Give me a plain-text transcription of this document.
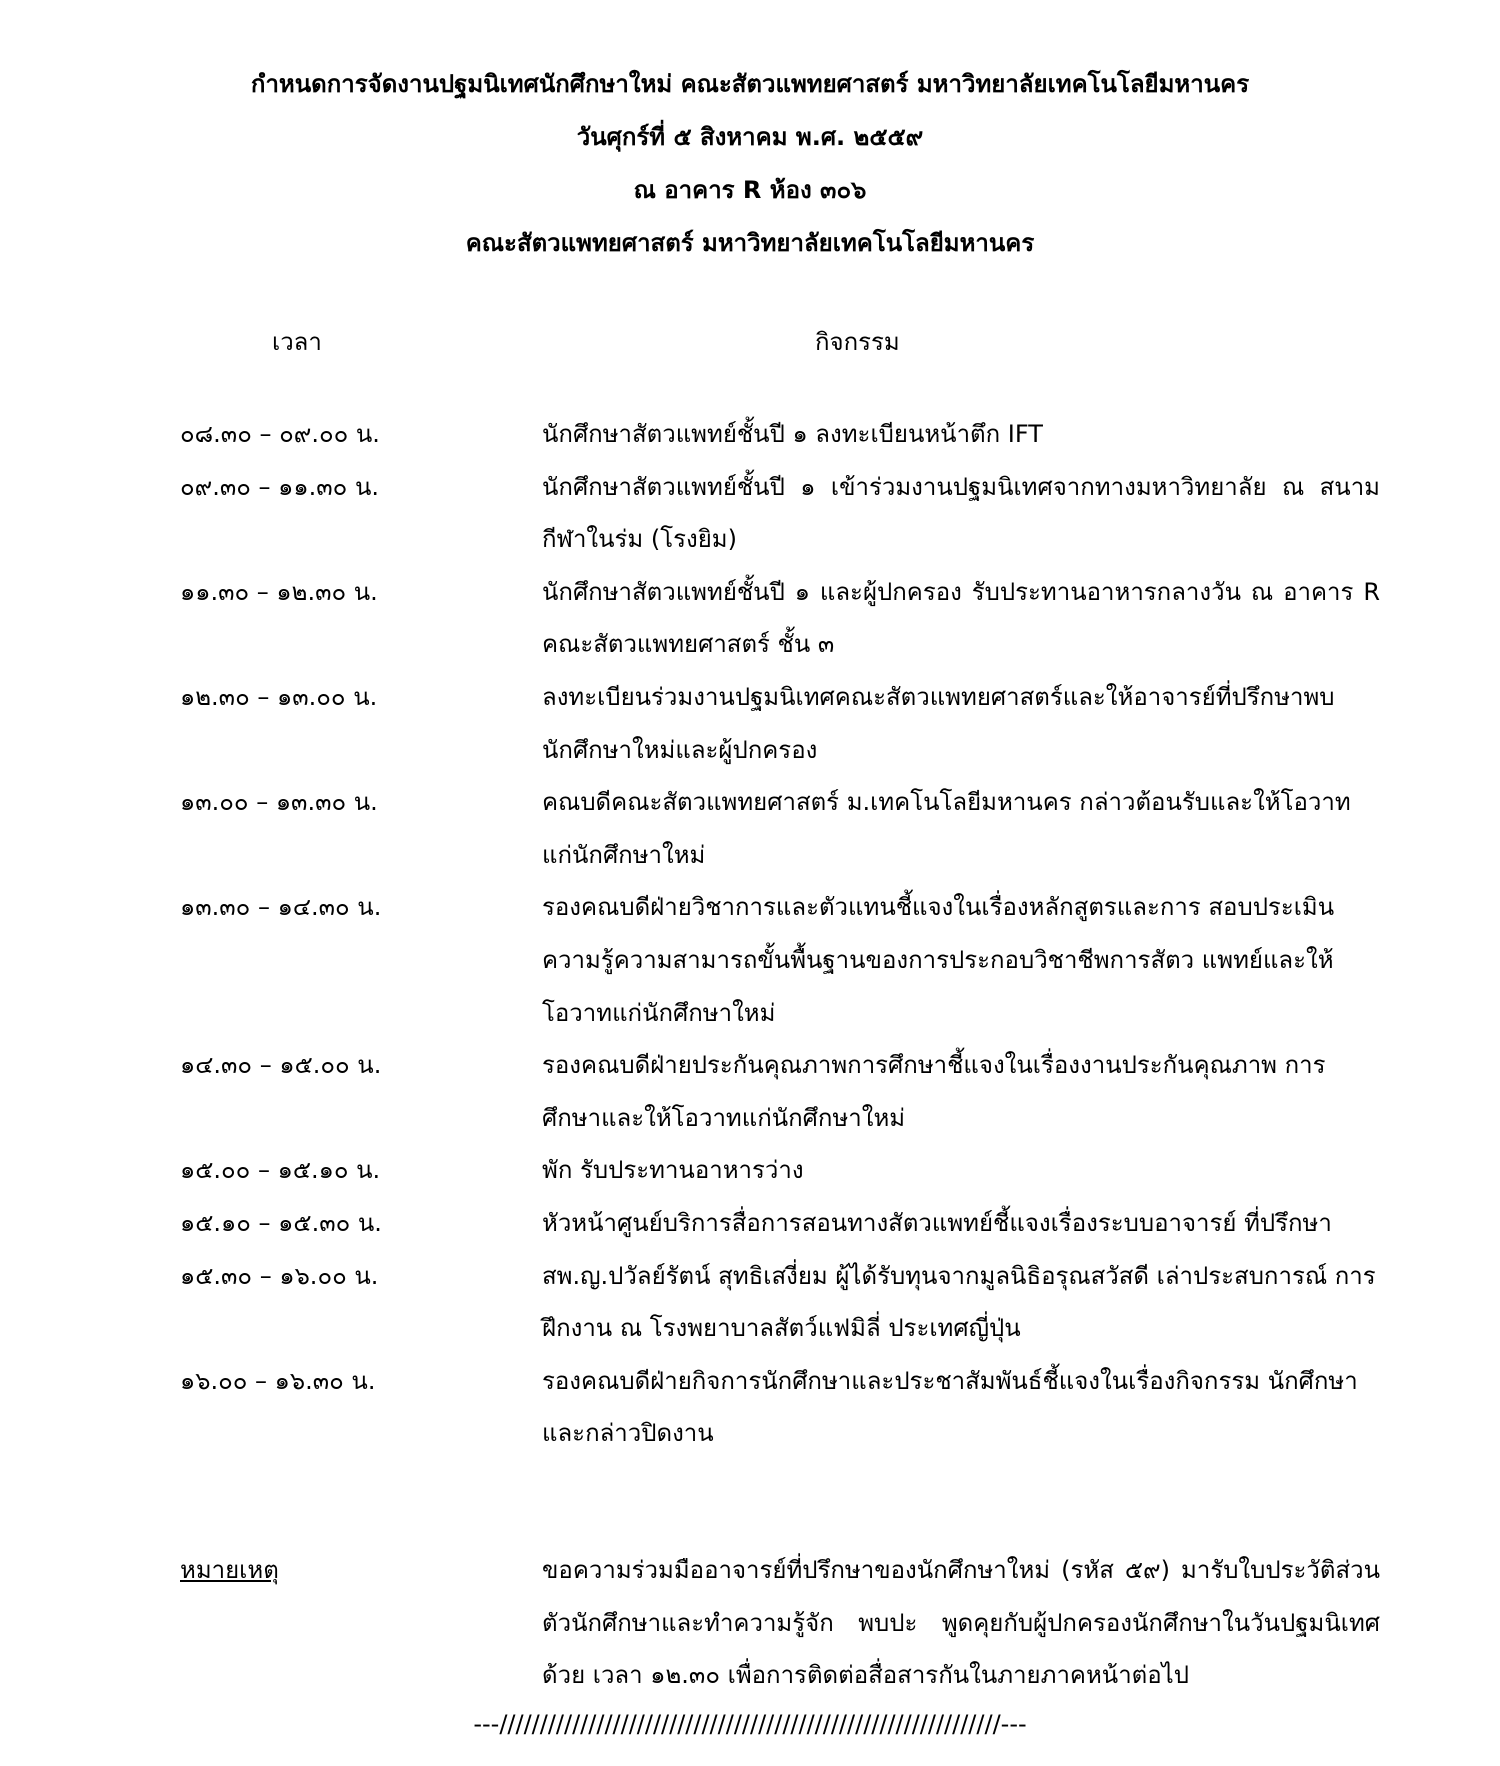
กำหนดการจัดงานปฐมนิเทศนักศึกษาใหม่ คณะสัตวแพทยศาสตร์ มหาวิทยาลัยเทคโนโลยีมหานคร
วันศุกร์ที่ ๕ สิงหาคม พ.ศ. ๒๕๕๙
ณ อาคาร R ห้อง ๓๐๖
คณะสัตวแพทยศาสตร์ มหาวิทยาลัยเทคโนโลยีมหานคร
เวลา	กิจกรรม
๐๘.๓๐ – ๐๙.๐๐ น.	นักศึกษาสัตวแพทย์ชั้นปี ๑ ลงทะเบียนหน้าตึก IFT
๐๙.๓๐ – ๑๑.๓๐ น.	นักศึกษาสัตวแพทย์ชั้นปี ๑ เข้าร่วมงานปฐมนิเทศจากทางมหาวิทยาลัย ณ สนามกีฬาในร่ม (โรงยิม)
๑๑.๓๐ – ๑๒.๓๐ น.	นักศึกษาสัตวแพทย์ชั้นปี ๑ และผู้ปกครอง รับประทานอาหารกลางวัน ณ อาคาร R คณะสัตวแพทยศาสตร์ ชั้น ๓
๑๒.๓๐ – ๑๓.๐๐ น.	ลงทะเบียนร่วมงานปฐมนิเทศคณะสัตวแพทยศาสตร์และให้อาจารย์ที่ปรึกษาพบนักศึกษาใหม่และผู้ปกครอง
๑๓.๐๐ – ๑๓.๓๐ น.	คณบดีคณะสัตวแพทยศาสตร์ ม.เทคโนโลยีมหานคร กล่าวต้อนรับและให้โอวาทแก่นักศึกษาใหม่
๑๓.๓๐ – ๑๔.๓๐ น.	รองคณบดีฝ่ายวิชาการและตัวแทนชี้แจงในเรื่องหลักสูตรและการ สอบประเมินความรู้ความสามารถขั้นพื้นฐานของการประกอบวิชาชีพการสัตว แพทย์และให้โอวาทแก่นักศึกษาใหม่
๑๔.๓๐ – ๑๕.๐๐ น.	รองคณบดีฝ่ายประกันคุณภาพการศึกษาชี้แจงในเรื่องงานประกันคุณภาพ การศึกษาและให้โอวาทแก่นักศึกษาใหม่
๑๕.๐๐ – ๑๕.๑๐ น.	พัก รับประทานอาหารว่าง
๑๕.๑๐ – ๑๕.๓๐ น.	หัวหน้าศูนย์บริการสื่อการสอนทางสัตวแพทย์ชี้แจงเรื่องระบบอาจารย์ ที่ปรึกษา
๑๕.๓๐ – ๑๖.๐๐ น.	สพ.ญ.ปวัลย์รัตน์ สุทธิเสงี่ยม ผู้ได้รับทุนจากมูลนิธิอรุณสวัสดี เล่าประสบการณ์ การฝึกงาน ณ โรงพยาบาลสัตว์แฟมิลี่ ประเทศญี่ปุ่น
๑๖.๐๐ – ๑๖.๓๐ น.	รองคณบดีฝ่ายกิจการนักศึกษาและประชาสัมพันธ์ชี้แจงในเรื่องกิจกรรม นักศึกษาและกล่าวปิดงาน
หมายเหตุ	ขอความร่วมมืออาจารย์ที่ปรึกษาของนักศึกษาใหม่ (รหัส ๕๙) มารับใบประวัติส่วนตัวนักศึกษาและทำความรู้จัก พบปะ พูดคุยกับผู้ปกครองนักศึกษาในวันปฐมนิเทศด้วย เวลา ๑๒.๓๐ เพื่อการติดต่อสื่อสารกันในภายภาคหน้าต่อไป
---//////////////////////////////////////////////////////////////---
